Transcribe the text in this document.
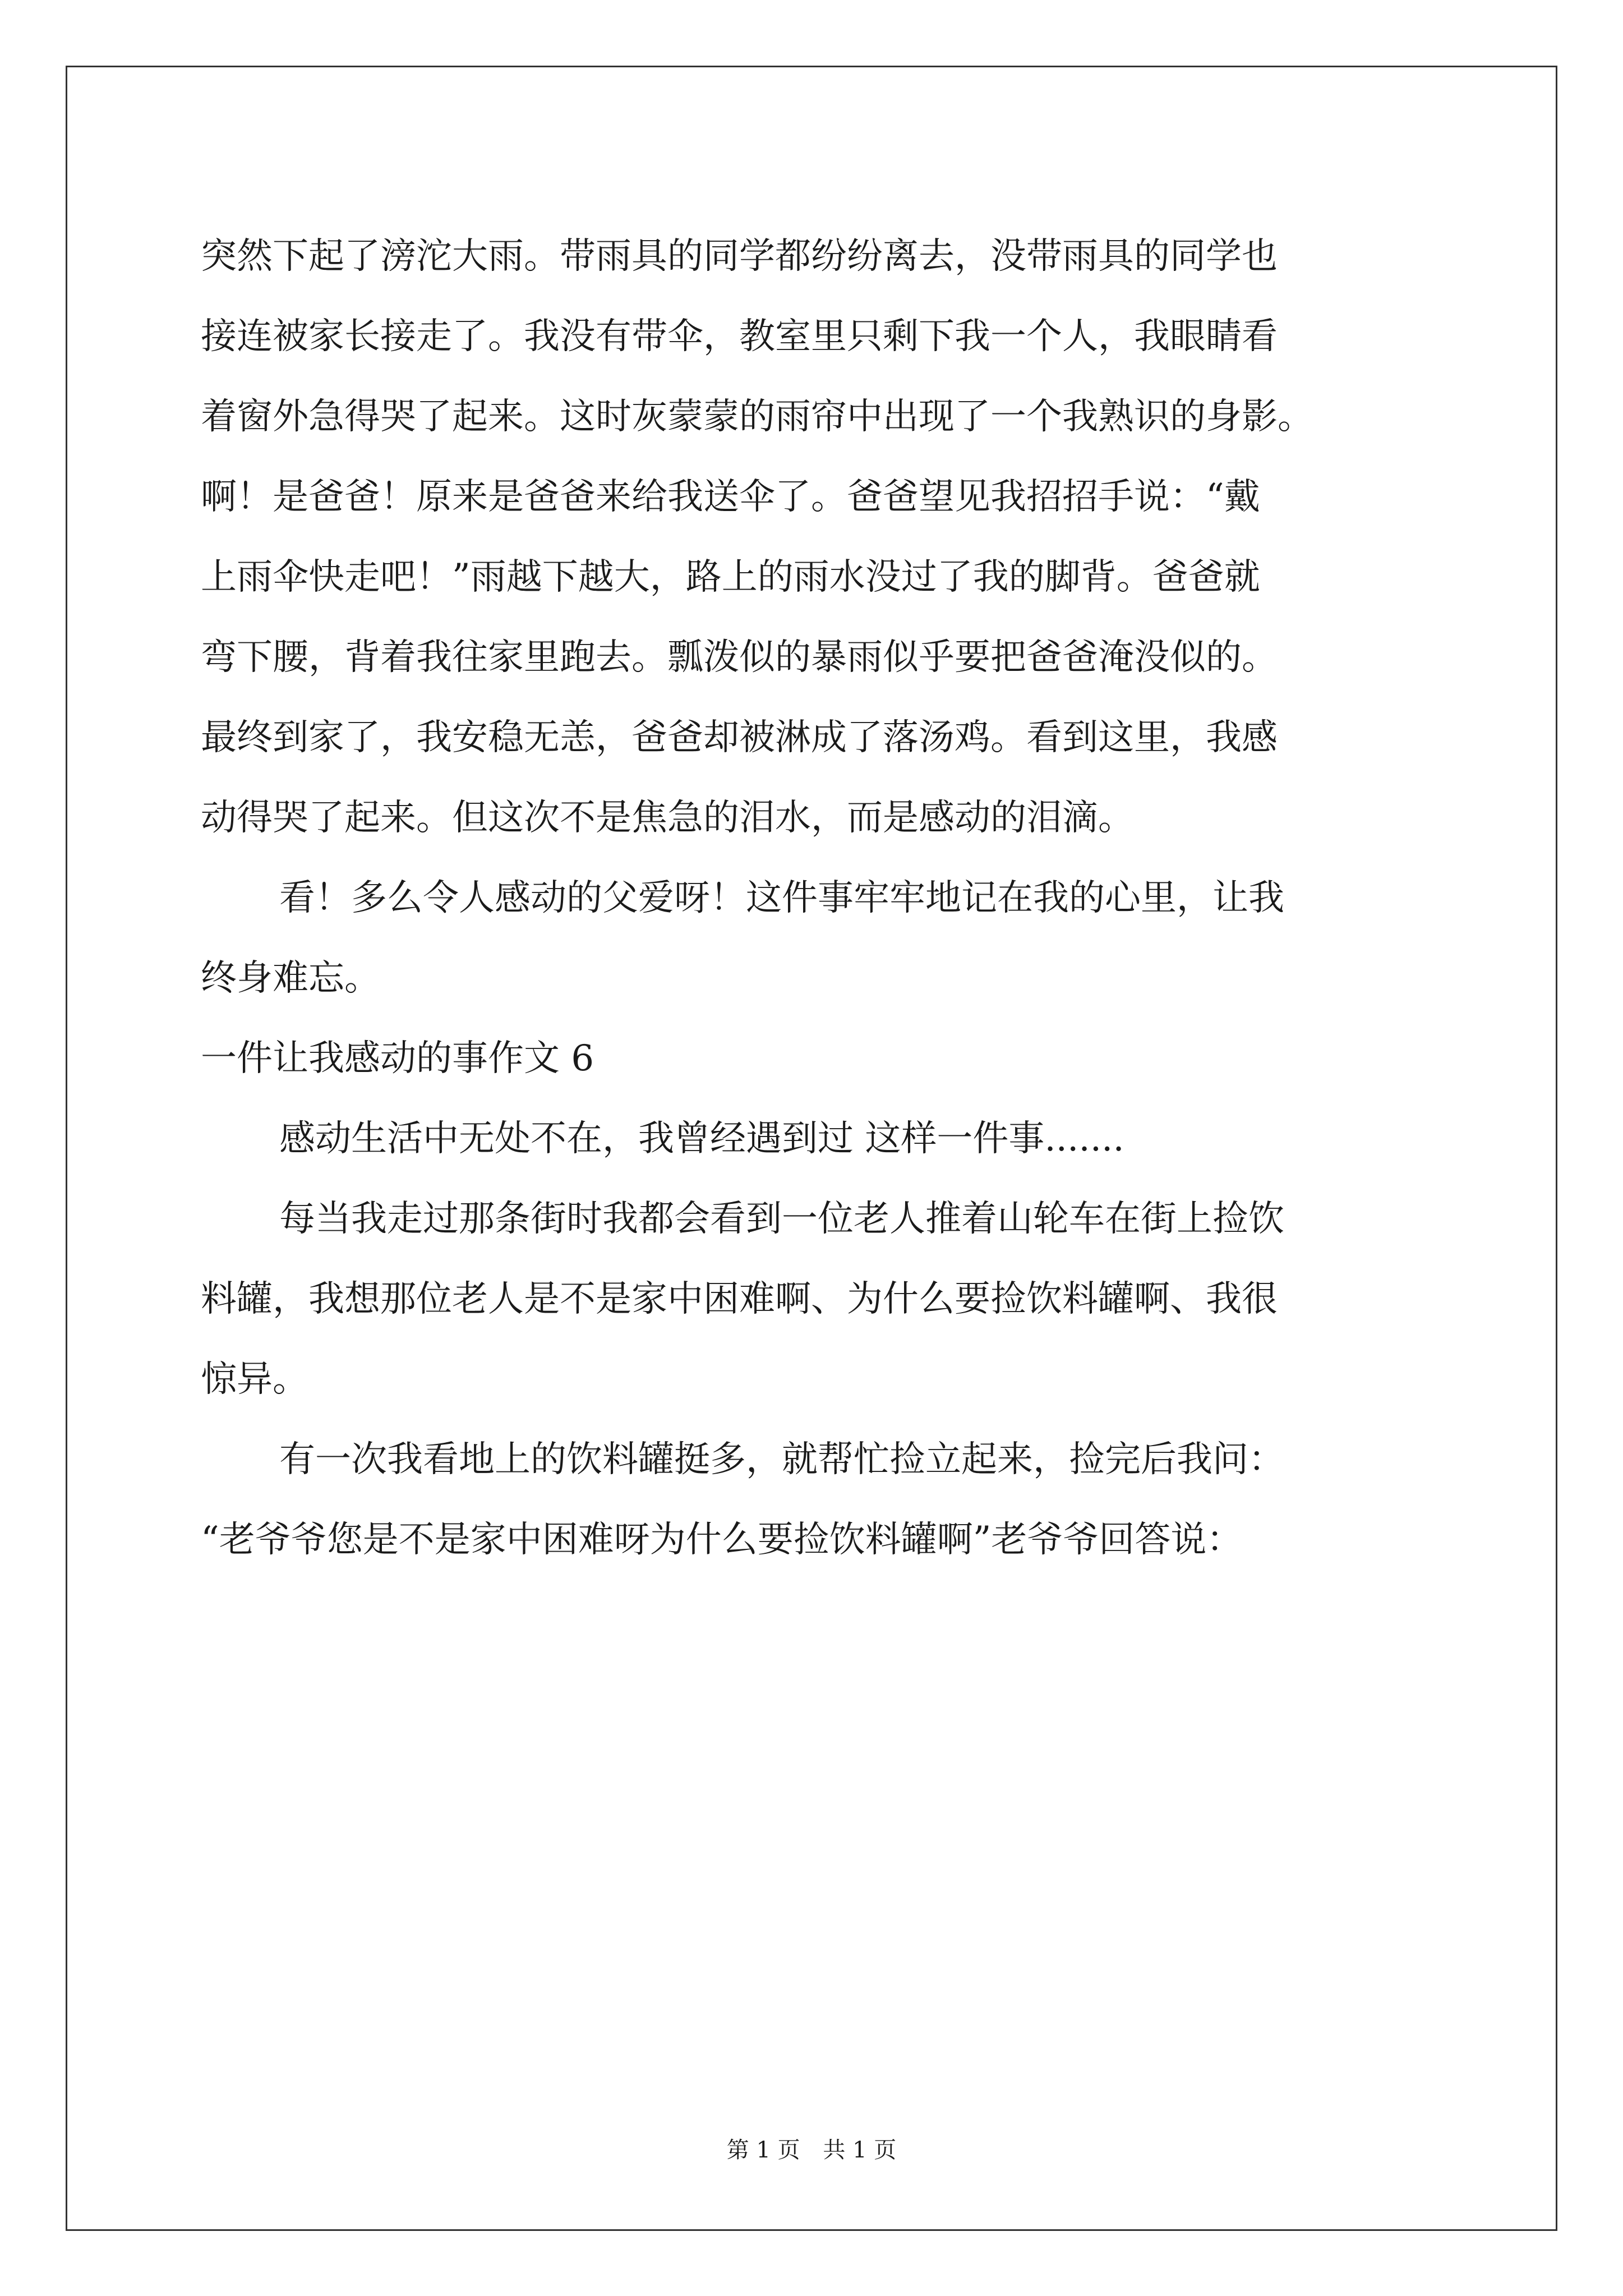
突然下起了滂沱大雨。带雨具的同学都纷纷离去，没带雨具的同学也
接连被家长接走了。我没有带伞，教室里只剩下我一个人，我眼睛看
着窗外急得哭了起来。这时灰蒙蒙的雨帘中出现了一个我熟识的身影。
啊！是爸爸！原来是爸爸来给我送伞了。爸爸望见我招招手说：“戴
上雨伞快走吧！”雨越下越大，路上的雨水没过了我的脚背。爸爸就
弯下腰，背着我往家里跑去。瓢泼似的暴雨似乎要把爸爸淹没似的。
最终到家了，我安稳无恙，爸爸却被淋成了落汤鸡。看到这里，我感
动得哭了起来。但这次不是焦急的泪水，而是感动的泪滴。
看！多么令人感动的父爱呀！这件事牢牢地记在我的心里，让我
终身难忘。
一件让我感动的事作文 6
感动生活中无处不在，我曾经遇到过 这样一件事.......
每当我走过那条街时我都会看到一位老人推着山轮车在街上捡饮
料罐，我想那位老人是不是家中困难啊、为什么要捡饮料罐啊、我很
惊异。
有一次我看地上的饮料罐挺多，就帮忙捡立起来，捡完后我问：
“老爷爷您是不是家中困难呀为什么要捡饮料罐啊”老爷爷回答说：
第 1 页 共 1 页
